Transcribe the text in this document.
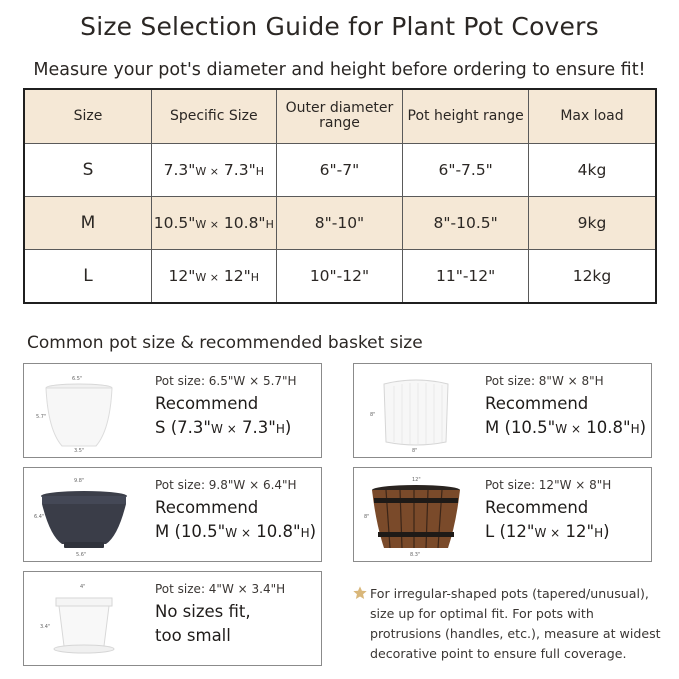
Size Selection Guide for Plant Pot Covers
Measure your pot's diameter and height before ordering to ensure fit!
Size	Specific Size	Outer diameter range	Pot height range	Max load
S	7.3"W × 7.3"H	6"-7"	6"-7.5"	4kg
M	10.5"W × 10.8"H	8"-10"	8"-10.5"	9kg
L	12"W × 12"H	10"-12"	11"-12"	12kg
Common pot size & recommended basket size
6.5"
5.7"
3.5"
Pot size: 6.5"W × 5.7"H
Recommend
S (7.3"W × 7.3"H)
8"
8"
Pot size: 8"W × 8"H
Recommend
M (10.5"W × 10.8"H)
9.8"
6.4"
5.6"
Pot size: 9.8"W × 6.4"H
Recommend
M (10.5"W × 10.8"H)
12"
8"
8.3"
Pot size: 12"W × 8"H
Recommend
L (12"W × 12"H)
4"
3.4"
Pot size: 4"W × 3.4"H
No sizes fit,
too small
For irregular-shaped pots (tapered/unusual), size up for optimal fit. For pots with protrusions (handles, etc.), measure at widest decorative point to ensure full coverage.
